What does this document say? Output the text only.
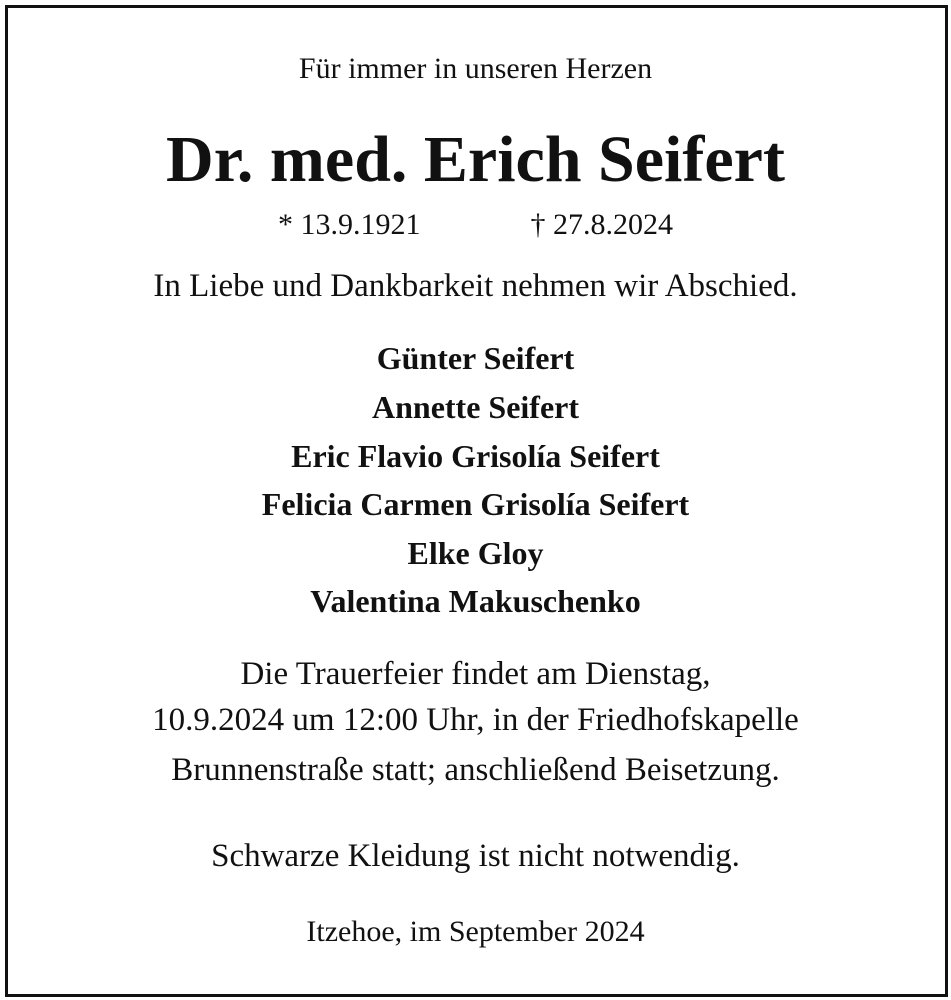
Für immer in unseren Herzen
Dr. med. Erich Seifert
* 13.9.1921	† 27.8.2024
In Liebe und Dankbarkeit nehmen wir Abschied.
Günter Seifert
Annette Seifert
Eric Flavio Grisolía Seifert
Felicia Carmen Grisolía Seifert
Elke Gloy
Valentina Makuschenko
Die Trauerfeier findet am Dienstag,
10.9.2024 um 12:00 Uhr, in der Friedhofskapelle
Brunnenstraße statt; anschließend Beisetzung.
Schwarze Kleidung ist nicht notwendig.
Itzehoe, im September 2024
